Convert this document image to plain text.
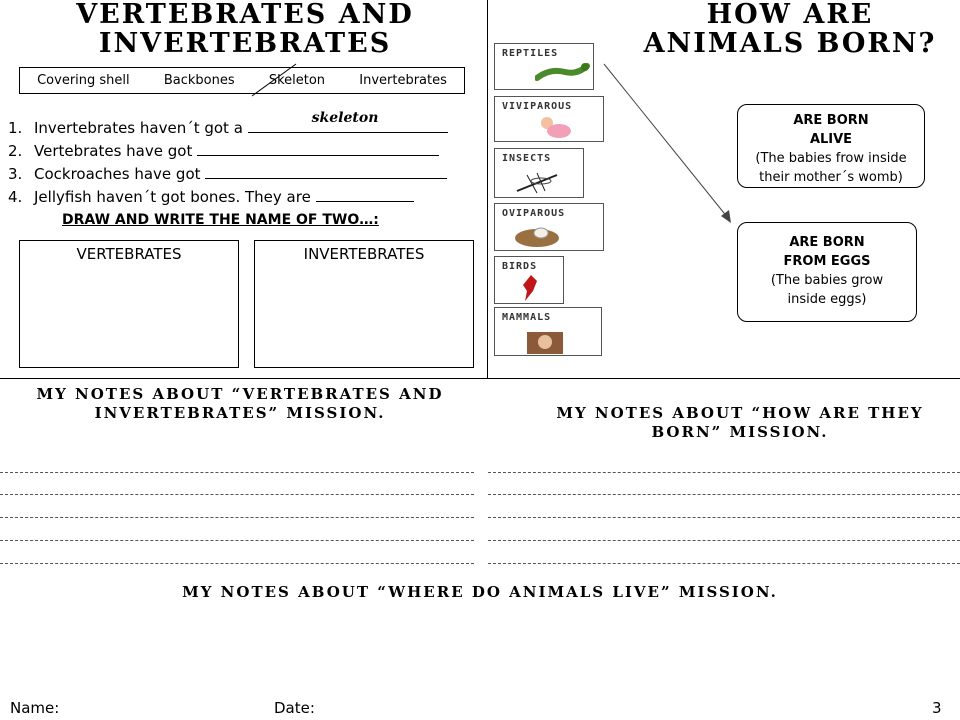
VERTEBRATES AND INVERTEBRATES
Covering shell	Backbones	Skeleton	Invertebrates
1. Invertebrates haven´t got a
skeleton
2. Vertebrates have got
3. Cockroaches have got
4. Jellyfish haven´t got bones. They are
DRAW AND WRITE THE NAME OF TWO…:
VERTEBRATES	INVERTEBRATES
HOW ARE ANIMALS BORN?
REPTILES
VIVIPAROUS
INSECTS
OVIPAROUS
BIRDS
MAMMALS
ARE BORN
ALIVE
(The babies frow inside
their mother´s womb)
ARE BORN
FROM EGGS
(The babies grow
inside eggs)
MY NOTES ABOUT “VERTEBRATES AND INVERTEBRATES” MISSION.	MY NOTES ABOUT “HOW ARE THEY BORN” MISSION.
MY NOTES ABOUT “WHERE DO ANIMALS LIVE” MISSION.
Name:	Date:	3
